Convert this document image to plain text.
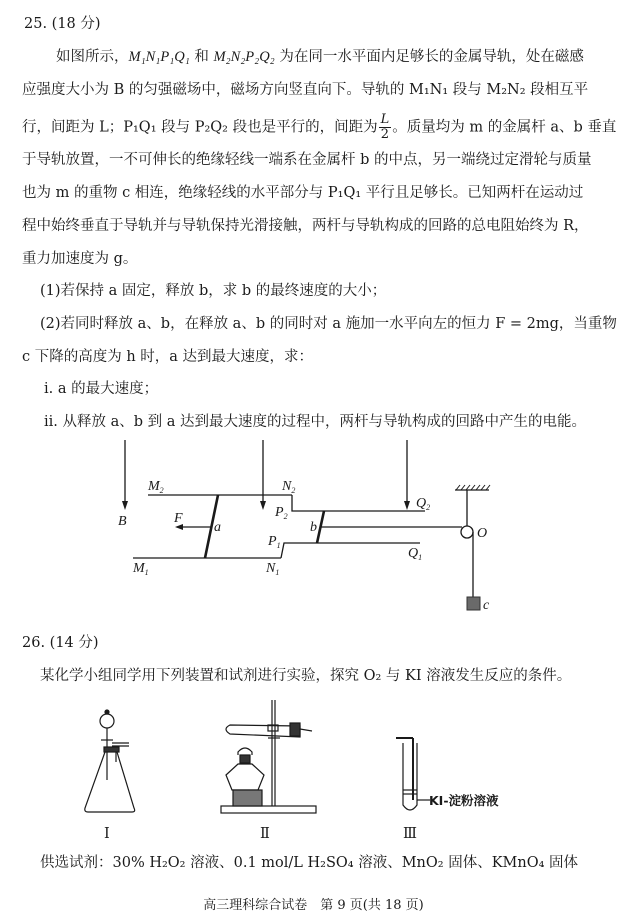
25. (18 分)
如图所示，M₁N₁P₁Q₁ 和 M₂N₂P₂Q₂ 为在同一水平面内足够长的金属导轨，处在磁感
应强度大小为 B 的匀强磁场中，磁场方向竖直向下。导轨的 M₁N₁ 段与 M₂N₂ 段相互平
行，间距为 L；P₁Q₁ 段与 P₂Q₂ 段也是平行的，间距为 $\frac{L}{2}$ 。质量均为 m 的金属杆 a、b 垂直
于导轨放置，一不可伸长的绝缘轻线一端系在金属杆 b 的中点，另一端绕过定滑轮与质量
也为 m 的重物 c 相连，绝缘轻线的水平部分与 P₁Q₁ 平行且足够长。已知两杆在运动过
程中始终垂直于导轨并与导轨保持光滑接触，两杆与导轨构成的回路的总电阻始终为 R，
重力加速度为 g。
(1)若保持 a 固定，释放 b，求 b 的最终速度的大小；
(2)若同时释放 a、b，在释放 a、b 的同时对 a 施加一水平向左的恒力 F = 2mg，当重物
c 下降的高度为 h 时，a 达到最大速度，求：
ⅰ. a 的最大速度；
ⅱ. 从释放 a、b 到 a 达到最大速度的过程中，两杆与导轨构成的回路中产生的电能。
B
$M_2$	$N_2$
$P_2$
$Q_2$
$M_1$	$N_1$
$P_1$
$Q_1$
F
a	b	O
c
26. (14 分)
某化学小组同学用下列装置和试剂进行实验，探究 O₂ 与 KI 溶液发生反应的条件。
KI-淀粉溶液
Ⅰ	Ⅱ	Ⅲ
供选试剂：30% H₂O₂ 溶液、0.1 mol/L H₂SO₄ 溶液、MnO₂ 固体、KMnO₄ 固体
高三理科综合试卷　第 9 页(共 18 页)
